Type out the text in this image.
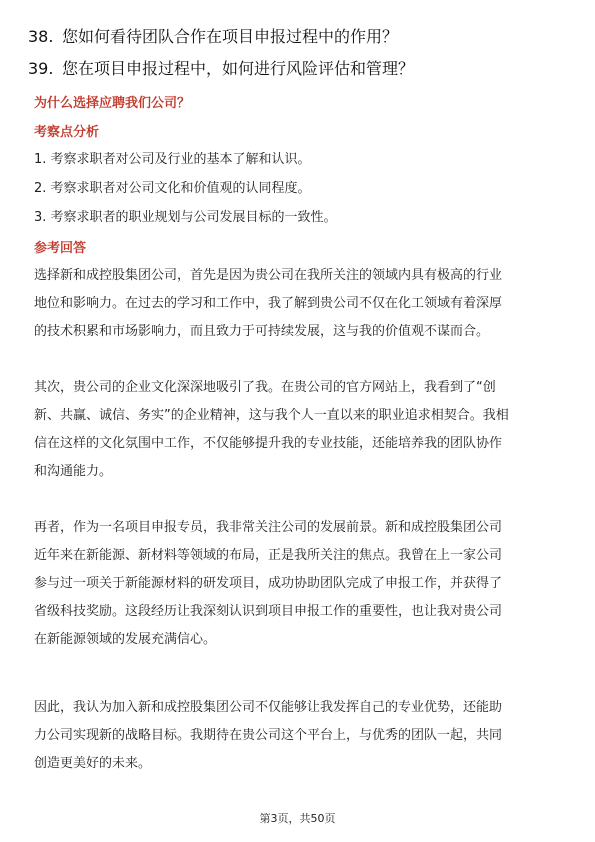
38. 您如何看待团队合作在项目申报过程中的作用？
39. 您在项目申报过程中，如何进行风险评估和管理？
为什么选择应聘我们公司？
考察点分析
1. 考察求职者对公司及行业的基本了解和认识。
2. 考察求职者对公司文化和价值观的认同程度。
3. 考察求职者的职业规划与公司发展目标的一致性。
参考回答
选择新和成控股集团公司，首先是因为贵公司在我所关注的领域内具有极高的行业
地位和影响力。在过去的学习和工作中，我了解到贵公司不仅在化工领域有着深厚
的技术积累和市场影响力，而且致力于可持续发展，这与我的价值观不谋而合。
其次，贵公司的企业文化深深地吸引了我。在贵公司的官方网站上，我看到了“创
新、共赢、诚信、务实”的企业精神，这与我个人一直以来的职业追求相契合。我相
信在这样的文化氛围中工作，不仅能够提升我的专业技能，还能培养我的团队协作
和沟通能力。
再者，作为一名项目申报专员，我非常关注公司的发展前景。新和成控股集团公司
近年来在新能源、新材料等领域的布局，正是我所关注的焦点。我曾在上一家公司
参与过一项关于新能源材料的研发项目，成功协助团队完成了申报工作，并获得了
省级科技奖励。这段经历让我深刻认识到项目申报工作的重要性，也让我对贵公司
在新能源领域的发展充满信心。
因此，我认为加入新和成控股集团公司不仅能够让我发挥自己的专业优势，还能助
力公司实现新的战略目标。我期待在贵公司这个平台上，与优秀的团队一起，共同
创造更美好的未来。
第3页，共50页
